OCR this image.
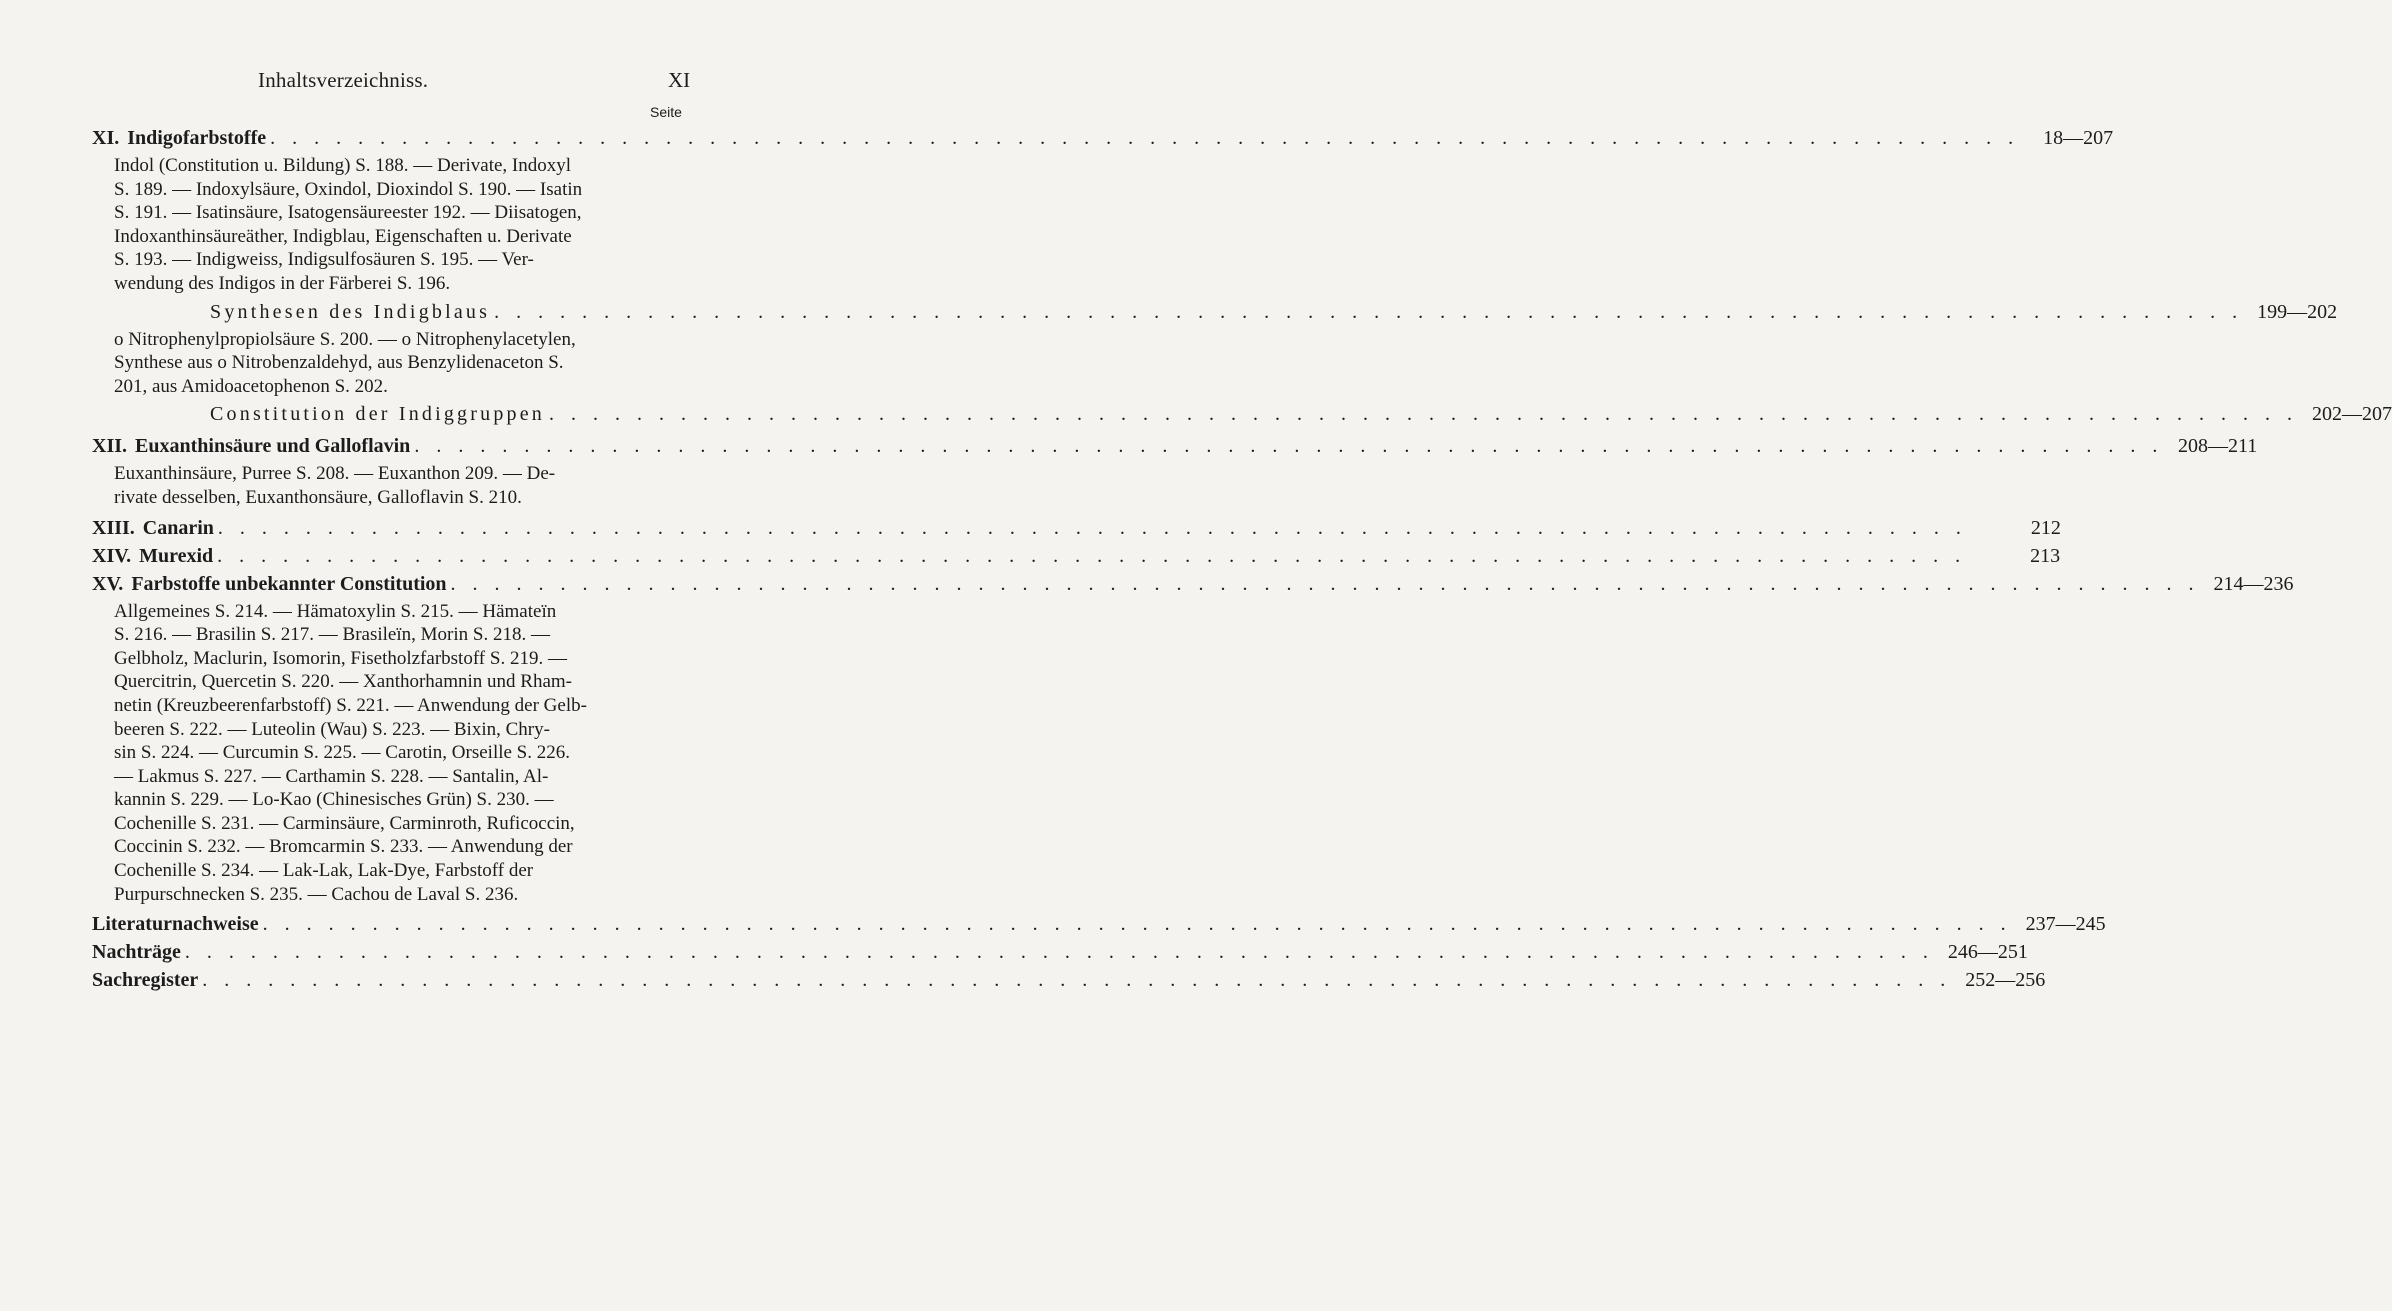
Inhaltsverzeichniss.	XI
Seite
XI. Indigofarbstoffe . . . . . . . . . . . . . . . . . . . . . . . . . . . . . . . . . . . . . . . . . . . . . . . . . . . . . . . . . . . . . . . . . . . . . . . . . . . . . . . .	18—207
Indol (Constitution u. Bildung) S. 188. — Derivate, Indoxyl
S. 189. — Indoxylsäure, Oxindol, Dioxindol S. 190. — Isatin
S. 191. — Isatinsäure, Isatogensäureester 192. — Diisatogen,
Indoxanthinsäureäther, Indigblau, Eigenschaften u. Derivate
S. 193. — Indigweiss, Indigsulfosäuren S. 195. — Ver-
wendung des Indigos in der Färberei S. 196.
Synthesen des Indigblaus . . . . . . . . . . . . . . . . . . . . . . . . . . . . . . . . . . . . . . . . . . . . . . . . . . . . . . . . . . . . . . . . . . . . . . . . . . . . . . . . 199—202
o Nitrophenylpropiolsäure S. 200. — o Nitrophenylacetylen,
Synthese aus o Nitrobenzaldehyd, aus Benzylidenaceton S.
201, aus Amidoacetophenon S. 202.
Constitution der Indiggruppen . . . . . . . . . . . . . . . . . . . . . . . . . . . . . . . . . . . . . . . . . . . . . . . . . . . . . . . . . . . . . . . . . . . . . . . . . . . . . . . . 202—207
XII. Euxanthinsäure und Galloflavin . . . . . . . . . . . . . . . . . . . . . . . . . . . . . . . . . . . . . . . . . . . . . . . . . . . . . . . . . . . . . . . . . . . . . . . . . . . . . . . . 208—211
Euxanthinsäure, Purree S. 208. — Euxanthon 209. — De-
rivate desselben, Euxanthonsäure, Galloflavin S. 210.
XIII. Canarin . . . . . . . . . . . . . . . . . . . . . . . . . . . . . . . . . . . . . . . . . . . . . . . . . . . . . . . . . . . . . . . . . . . . . . . . . . . . . . . .	212
XIV. Murexid . . . . . . . . . . . . . . . . . . . . . . . . . . . . . . . . . . . . . . . . . . . . . . . . . . . . . . . . . . . . . . . . . . . . . . . . . . . . . . . .	213
XV. Farbstoffe unbekannter Constitution . . . . . . . . . . . . . . . . . . . . . . . . . . . . . . . . . . . . . . . . . . . . . . . . . . . . . . . . . . . . . . . . . . . . . . . . . . . . . . . . 214—236
Allgemeines S. 214. — Hämatoxylin S. 215. — Hämateïn
S. 216. — Brasilin S. 217. — Brasileïn, Morin S. 218. —
Gelbholz, Maclurin, Isomorin, Fisetholzfarbstoff S. 219. —
Quercitrin, Quercetin S. 220. — Xanthorhamnin und Rham-
netin (Kreuzbeerenfarbstoff) S. 221. — Anwendung der Gelb-
beeren S. 222. — Luteolin (Wau) S. 223. — Bixin, Chry-
sin S. 224. — Curcumin S. 225. — Carotin, Orseille S. 226.
— Lakmus S. 227. — Carthamin S. 228. — Santalin, Al-
kannin S. 229. — Lo-Kao (Chinesisches Grün) S. 230. —
Cochenille S. 231. — Carminsäure, Carminroth, Ruficoccin,
Coccinin S. 232. — Bromcarmin S. 233. — Anwendung der
Cochenille S. 234. — Lak-Lak, Lak-Dye, Farbstoff der
Purpurschnecken S. 235. — Cachou de Laval S. 236.
Literaturnachweise . . . . . . . . . . . . . . . . . . . . . . . . . . . . . . . . . . . . . . . . . . . . . . . . . . . . . . . . . . . . . . . . . . . . . . . . . . . . . . . . 237—245
Nachträge . . . . . . . . . . . . . . . . . . . . . . . . . . . . . . . . . . . . . . . . . . . . . . . . . . . . . . . . . . . . . . . . . . . . . . . . . . . . . . . . 246—251
Sachregister . . . . . . . . . . . . . . . . . . . . . . . . . . . . . . . . . . . . . . . . . . . . . . . . . . . . . . . . . . . . . . . . . . . . . . . . . . . . . . . . 252—256
